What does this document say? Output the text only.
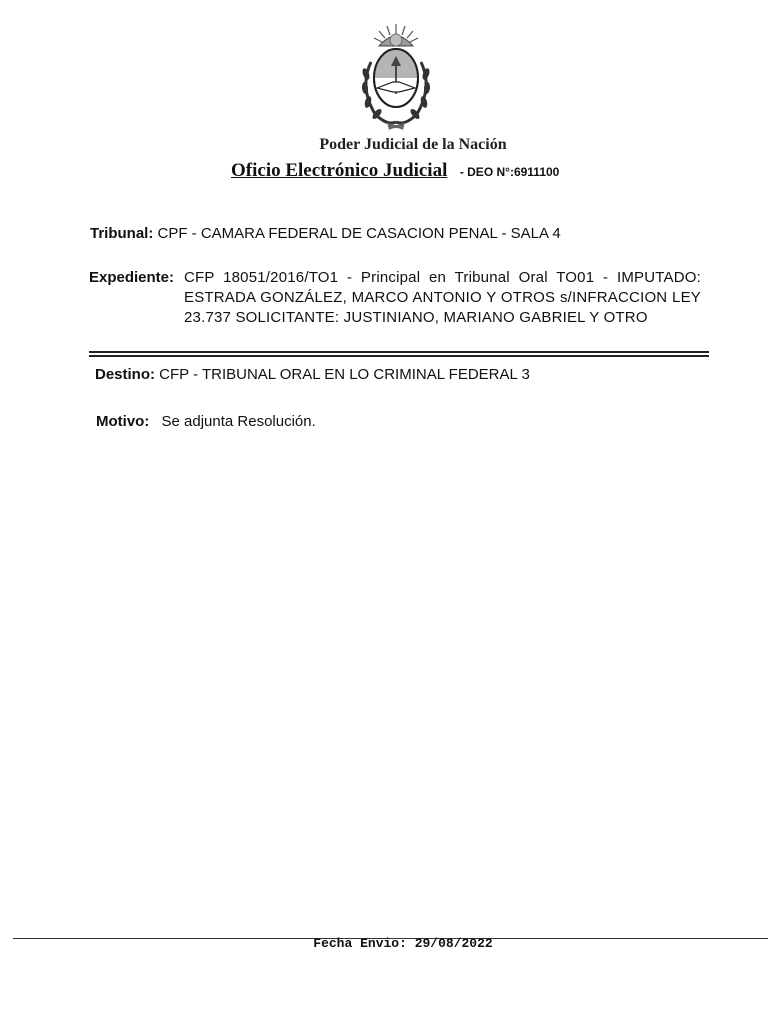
Poder Judicial de la Nación
Oficio Electrónico Judicial - DEO N°:6911100
Tribunal: CPF - CAMARA FEDERAL DE CASACION PENAL - SALA 4
Expediente: CFP 18051/2016/TO1 - Principal en Tribunal Oral TO01 - IMPUTADO: ESTRADA GONZÁLEZ, MARCO ANTONIO Y OTROS s/INFRACCION LEY 23.737 SOLICITANTE: JUSTINIANO, MARIANO GABRIEL Y OTRO
Destino: CFP - TRIBUNAL ORAL EN LO CRIMINAL FEDERAL 3
Motivo: Se adjunta Resolución.
Fecha Envio: 29/08/2022
